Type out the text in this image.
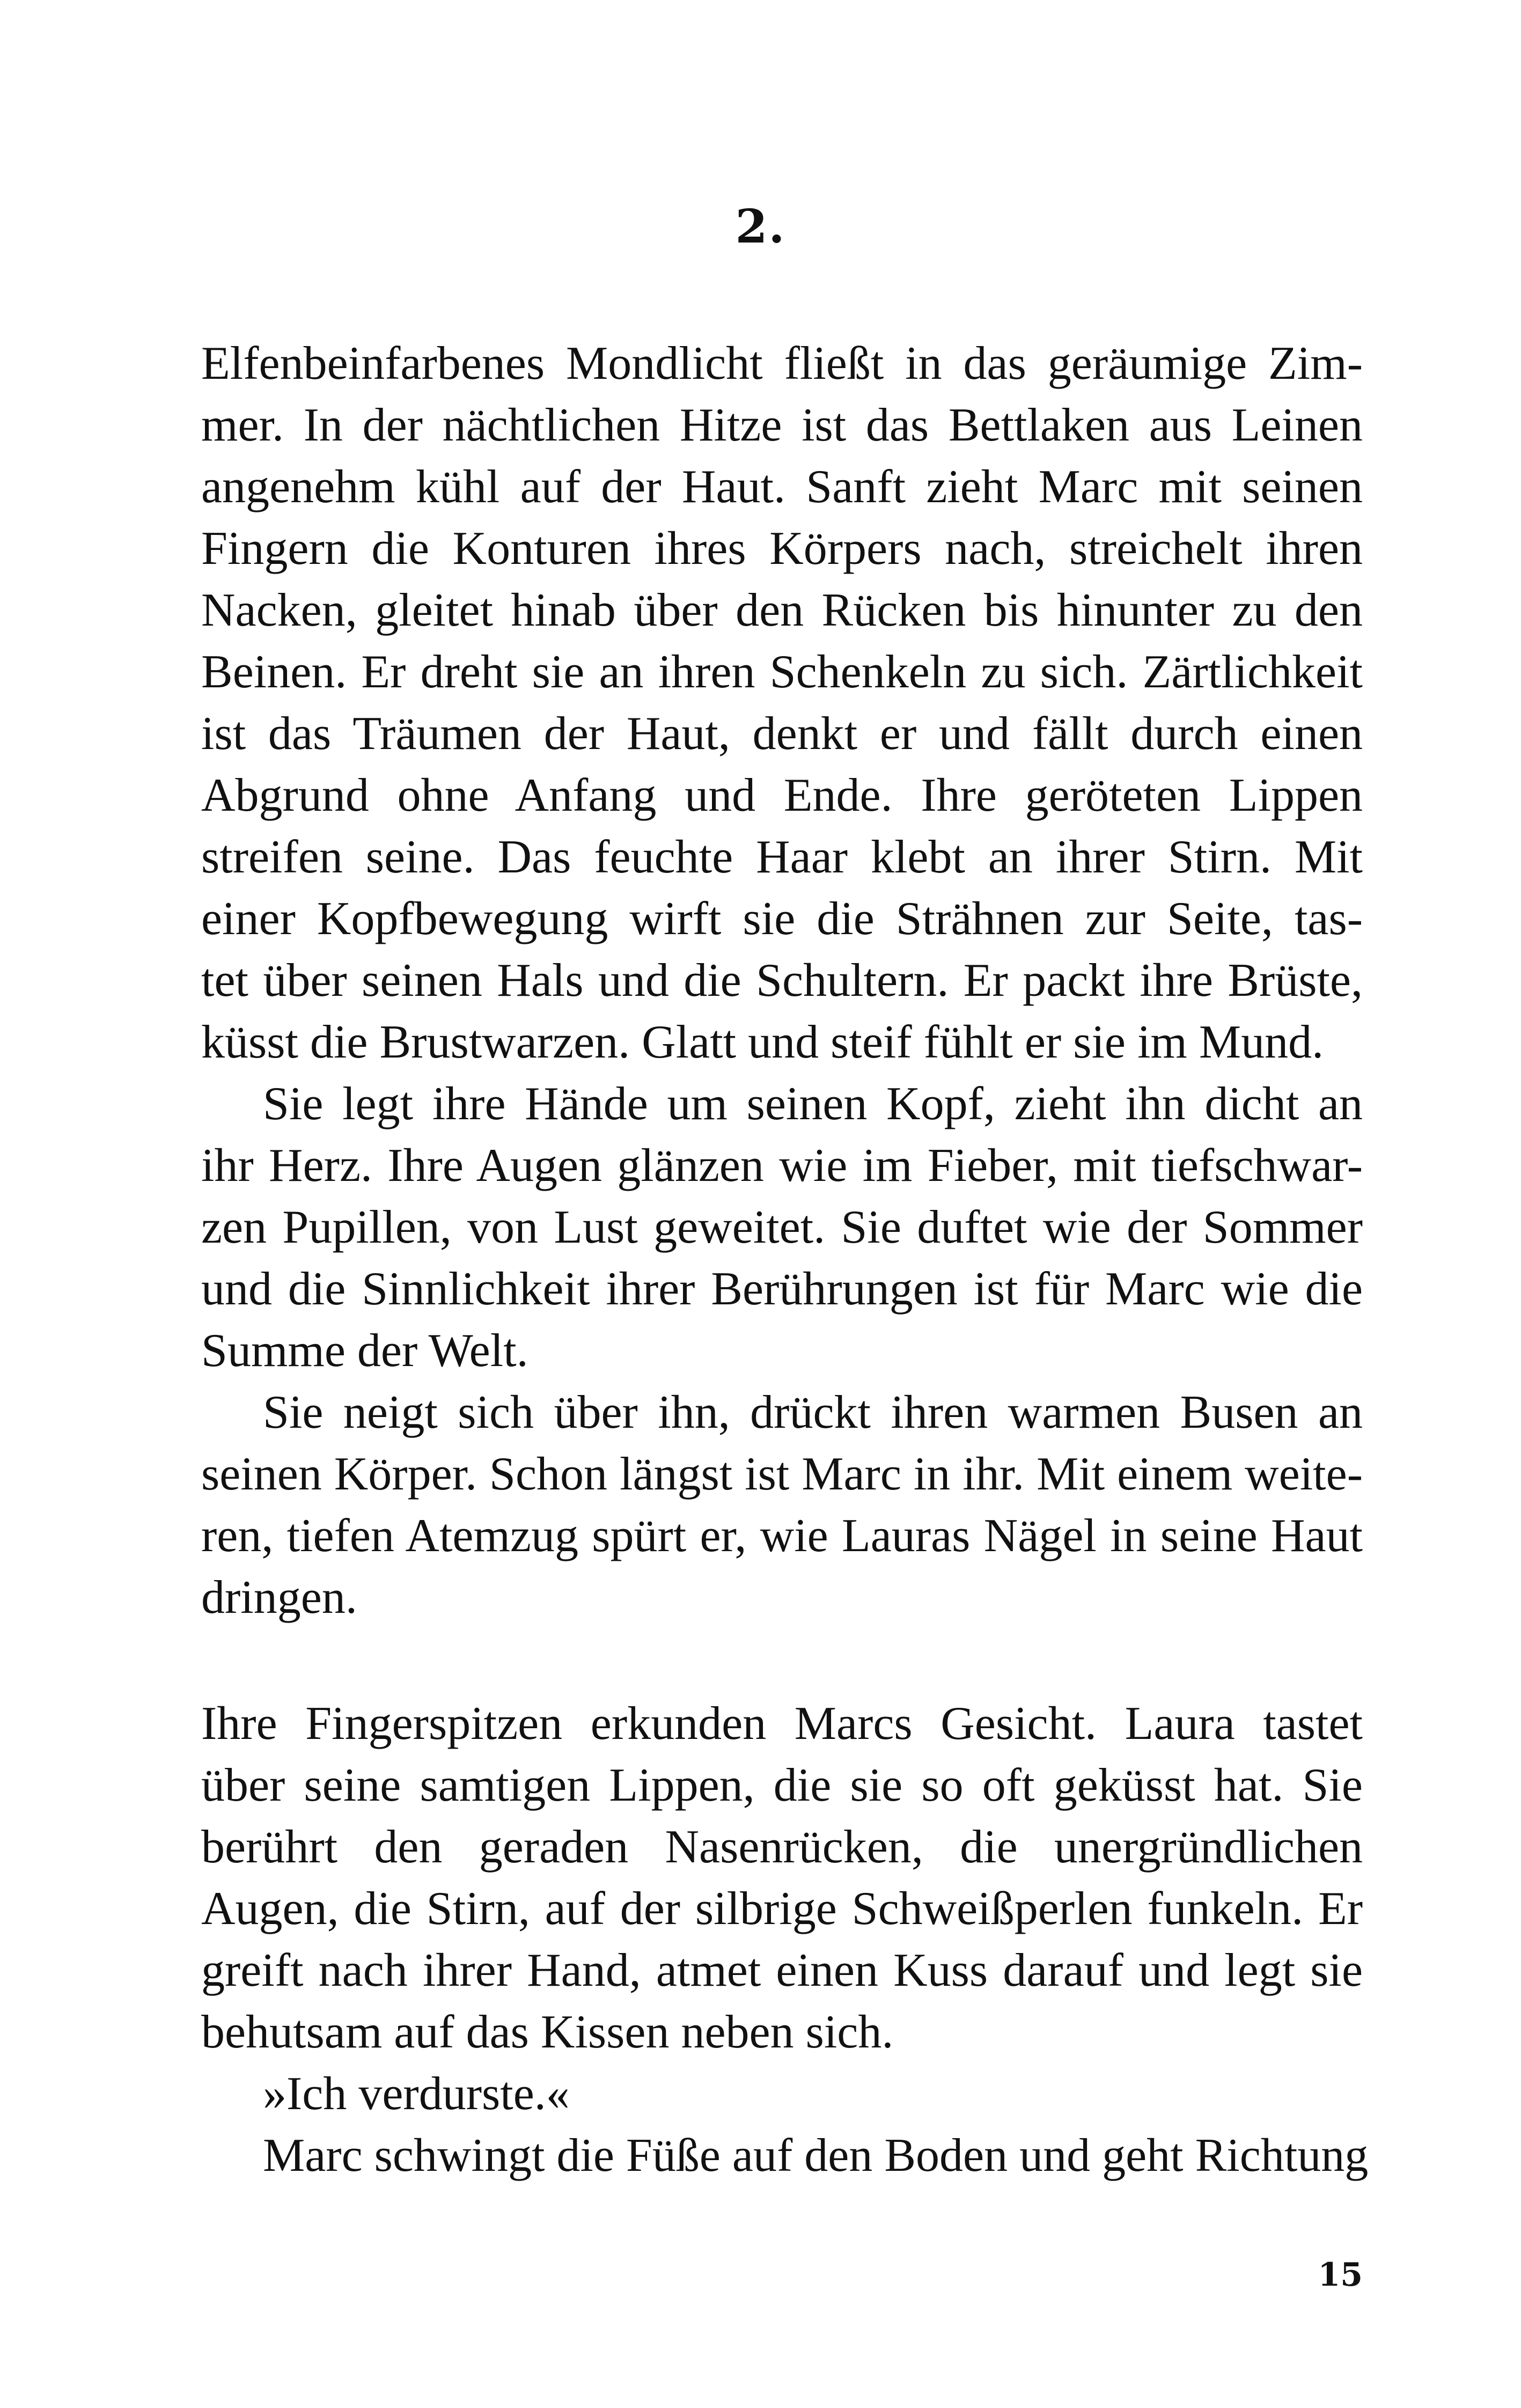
2.
Elfenbeinfarbenes Mondlicht fließt in das geräumige Zim-
mer. In der nächtlichen Hitze ist das Bettlaken aus Leinen
angenehm kühl auf der Haut. Sanft zieht Marc mit seinen
Fingern die Konturen ihres Körpers nach, streichelt ihren
Nacken, gleitet hinab über den Rücken bis hinunter zu den
Beinen. Er dreht sie an ihren Schenkeln zu sich. Zärtlichkeit
ist das Träumen der Haut, denkt er und fällt durch einen
Abgrund ohne Anfang und Ende. Ihre geröteten Lippen
streifen seine. Das feuchte Haar klebt an ihrer Stirn. Mit
einer Kopfbewegung wirft sie die Strähnen zur Seite, tas-
tet über seinen Hals und die Schultern. Er packt ihre Brüste,
küsst die Brustwarzen. Glatt und steif fühlt er sie im Mund.
Sie legt ihre Hände um seinen Kopf, zieht ihn dicht an
ihr Herz. Ihre Augen glänzen wie im Fieber, mit tiefschwar-
zen Pupillen, von Lust geweitet. Sie duftet wie der Sommer
und die Sinnlichkeit ihrer Berührungen ist für Marc wie die
Summe der Welt.
Sie neigt sich über ihn, drückt ihren warmen Busen an
seinen Körper. Schon längst ist Marc in ihr. Mit einem weite-
ren, tiefen Atemzug spürt er, wie Lauras Nägel in seine Haut
dringen.
Ihre Fingerspitzen erkunden Marcs Gesicht. Laura tastet
über seine samtigen Lippen, die sie so oft geküsst hat. Sie
berührt den geraden Nasenrücken, die unergründlichen
Augen, die Stirn, auf der silbrige Schweißperlen funkeln. Er
greift nach ihrer Hand, atmet einen Kuss darauf und legt sie
behutsam auf das Kissen neben sich.
»Ich verdurste.«
Marc schwingt die Füße auf den Boden und geht Richtung
15
